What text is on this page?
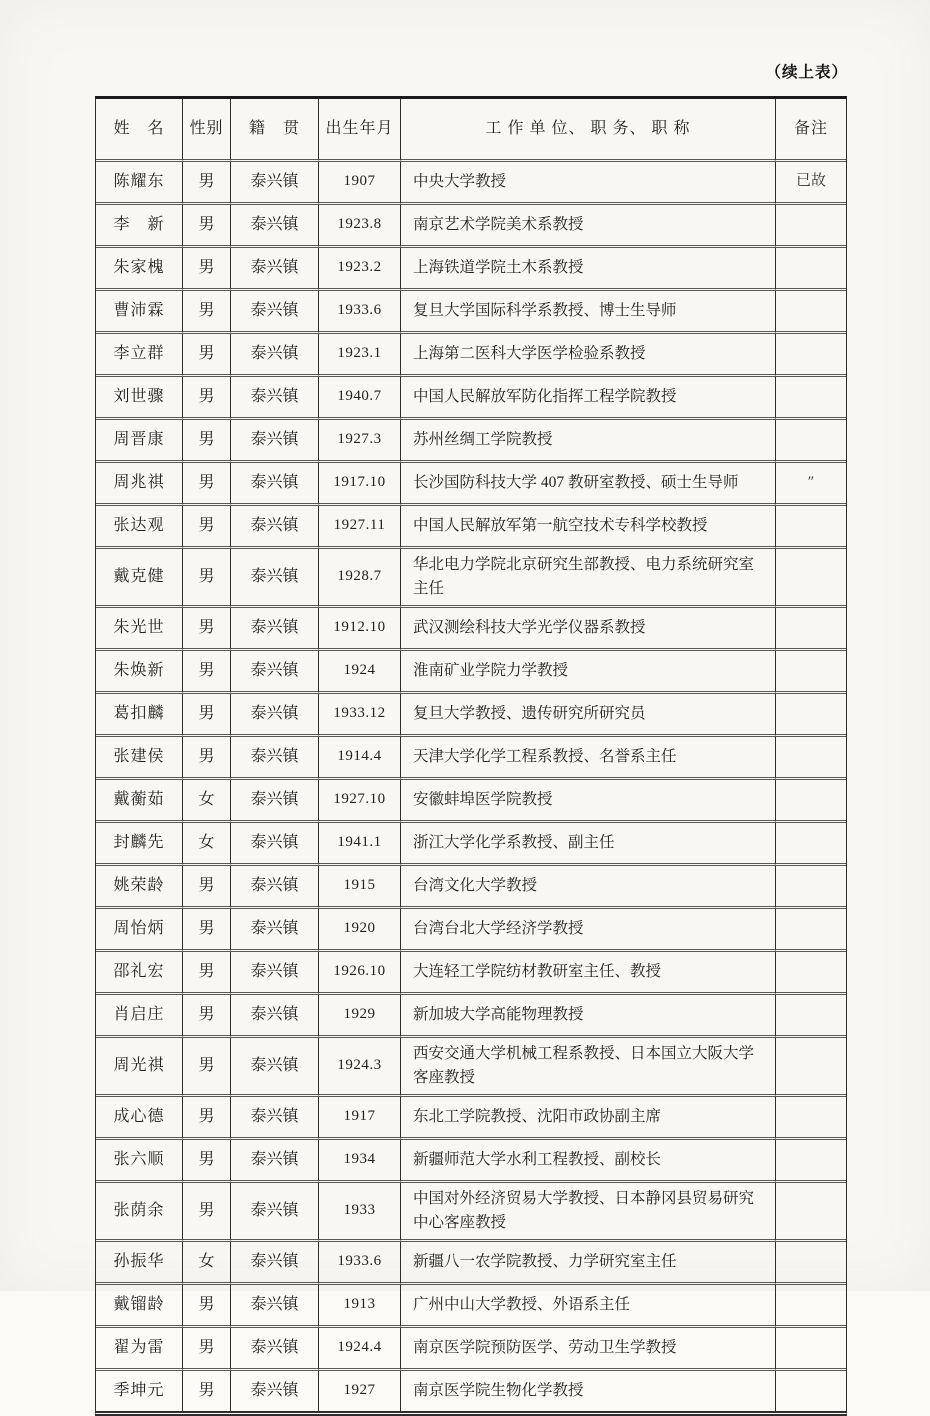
（续上表）
姓　名	性别	籍　贯	出生年月	工 作 单 位、 职 务、 职 称	备注
陈耀东	男	泰兴镇	1907	中央大学教授	已故
李　新	男	泰兴镇	1923.8	南京艺术学院美术系教授	
朱家槐	男	泰兴镇	1923.2	上海铁道学院土木系教授	
曹沛霖	男	泰兴镇	1933.6	复旦大学国际科学系教授、博士生导师	
李立群	男	泰兴镇	1923.1	上海第二医科大学医学检验系教授	
刘世骤	男	泰兴镇	1940.7	中国人民解放军防化指挥工程学院教授	
周晋康	男	泰兴镇	1927.3	苏州丝绸工学院教授	
周兆祺	男	泰兴镇	1917.10	长沙国防科技大学 407 教研室教授、硕士生导师	″
张达观	男	泰兴镇	1927.11	中国人民解放军第一航空技术专科学校教授	
戴克健	男	泰兴镇	1928.7	华北电力学院北京研究生部教授、电力系统研究室主任	
朱光世	男	泰兴镇	1912.10	武汉测绘科技大学光学仪器系教授	
朱焕新	男	泰兴镇	1924	淮南矿业学院力学教授	
葛扣麟	男	泰兴镇	1933.12	复旦大学教授、遗传研究所研究员	
张建侯	男	泰兴镇	1914.4	天津大学化学工程系教授、名誉系主任	
戴蘅茹	女	泰兴镇	1927.10	安徽蚌埠医学院教授	
封麟先	女	泰兴镇	1941.1	浙江大学化学系教授、副主任	
姚荣龄	男	泰兴镇	1915	台湾文化大学教授	
周怡炳	男	泰兴镇	1920	台湾台北大学经济学教授	
邵礼宏	男	泰兴镇	1926.10	大连轻工学院纺材教研室主任、教授	
肖启庄	男	泰兴镇	1929	新加坡大学高能物理教授	
周光祺	男	泰兴镇	1924.3	西安交通大学机械工程系教授、日本国立大阪大学客座教授	
成心德	男	泰兴镇	1917	东北工学院教授、沈阳市政协副主席	
张六顺	男	泰兴镇	1934	新疆师范大学水利工程教授、副校长	
张荫余	男	泰兴镇	1933	中国对外经济贸易大学教授、日本静冈县贸易研究中心客座教授	
孙振华	女	泰兴镇	1933.6	新疆八一农学院教授、力学研究室主任	
戴镏龄	男	泰兴镇	1913	广州中山大学教授、外语系主任	
翟为雷	男	泰兴镇	1924.4	南京医学院预防医学、劳动卫生学教授	
季坤元	男	泰兴镇	1927	南京医学院生物化学教授	
